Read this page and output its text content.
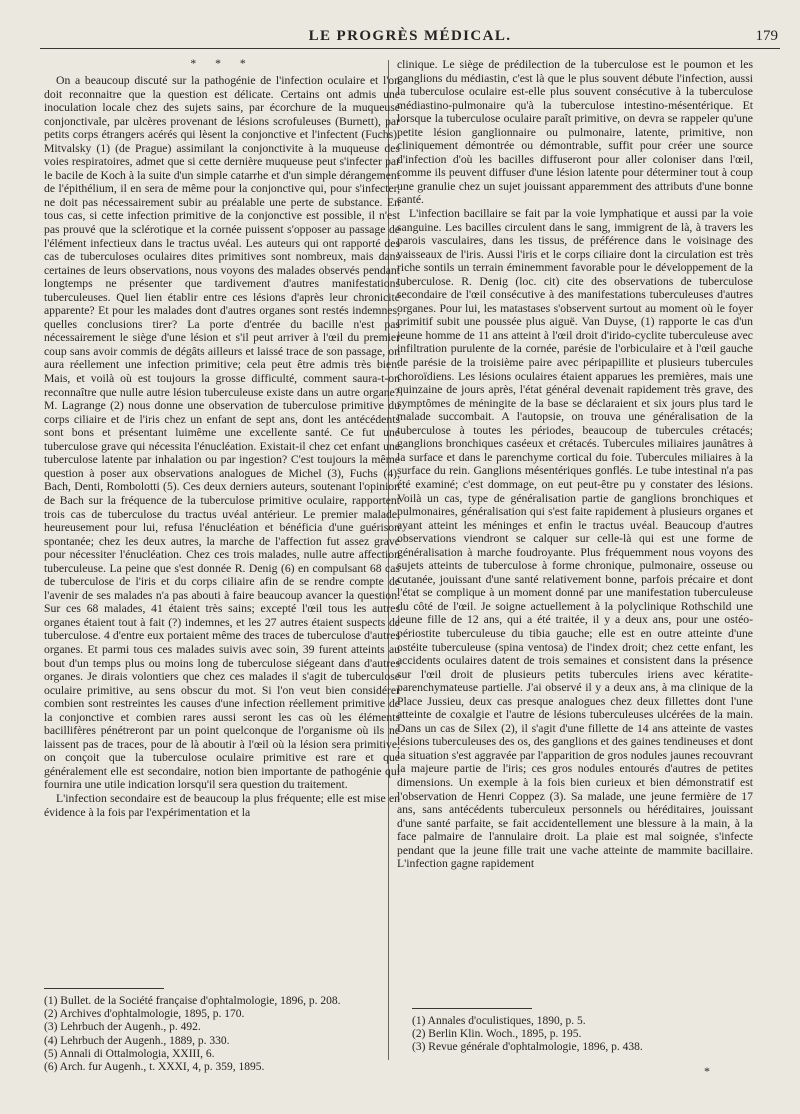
LE PROGRÈS MÉDICAL.	179

* * *

On a beaucoup discuté sur la pathogénie de l'infection oculaire et l'on doit reconnaitre que la question est délicate. Certains ont admis une inoculation locale chez des sujets sains, par écorchure de la muqueuse conjonctivale, par ulcères provenant de lésions scrofuleuses (Burnett), par petits corps étrangers acérés qui lèsent la conjonctive et l'infectent (Fuchs). Mitvalsky (1) (de Prague) assimilant la conjonctivite à la muqueuse des voies respiratoires, admet que si cette dernière muqueuse peut s'infecter par le bacile de Koch à la suite d'un simple catarrhe et d'un simple dérangement de l'épithélium, il en sera de même pour la conjonctive qui, pour s'infecter, ne doit pas nécessairement subir au préalable une perte de substance. En tous cas, si cette infection primitive de la conjonctive est possible, il n'est pas prouvé que la sclérotique et la cornée puissent s'opposer au passage de l'élément infectieux dans le tractus uvéal. Les auteurs qui ont rapporté des cas de tuberculoses oculaires dites primitives sont nombreux, mais dans certaines de leurs observations, nous voyons des malades observés pendant longtemps ne présenter que tardivement d'autres manifestations tuberculeuses. Quel lien établir entre ces lésions d'après leur chronicité apparente? Et pour les malades dont d'autres organes sont restés indemnes, quelles conclusions tirer? La porte d'entrée du bacille n'est pas nécessairement le siège d'une lésion et s'il peut arriver à l'œil du premier coup sans avoir commis de dégâts ailleurs et laissé trace de son passage, on aura réellement une infection primitive; cela peut être admis très bien. Mais, et voilà où est toujours la grosse difficulté, comment saura-t-on reconnaître que nulle autre lésion tuberculeuse existe dans un autre organe? M. Lagrange (2) nous donne une observation de tuberculose primitive du corps ciliaire et de l'iris chez un enfant de sept ans, dont les antécédents sont bons et présentant luimême une excellente santé. Ce fut une tuberculose grave qui nécessita l'énucléation. Existait-il chez cet enfant une tuberculose latente par inhalation ou par ingestion? C'est toujours la même question à poser aux observations analogues de Michel (3), Fuchs (4), Bach, Denti, Rombolotti (5). Ces deux derniers auteurs, soutenant l'opinion de Bach sur la fréquence de la tuberculose primitive oculaire, rapportent trois cas de tuberculose du tractus uvéal antérieur. Le premier malade, heureusement pour lui, refusa l'énucléation et bénéficia d'une guérison spontanée; chez les deux autres, la marche de l'affection fut assez grave pour nécessiter l'énucléation. Chez ces trois malades, nulle autre affection tuberculeuse. La peine que s'est donnée R. Denig (6) en compulsant 68 cas de tuberculose de l'iris et du corps ciliaire afin de se rendre compte de l'avenir de ses malades n'a pas abouti à faire beaucoup avancer la question. Sur ces 68 malades, 41 étaient très sains; excepté l'œil tous les autres organes étaient tout à fait (?) indemnes, et les 27 autres étaient suspects de tuberculose. 4 d'entre eux portaient même des traces de tuberculose d'autres organes. Et parmi tous ces malades suivis avec soin, 39 furent atteints au bout d'un temps plus ou moins long de tuberculose siégeant dans d'autres organes. Je dirais volontiers que chez ces malades il s'agit de tuberculose oculaire primitive, au sens obscur du mot. Si l'on veut bien considérer combien sont restreintes les causes d'une infection réellement primitive de la conjonctive et combien rares aussi seront les cas où les éléments bacillifères pénétreront par un point quelconque de l'organisme où ils ne laissent pas de traces, pour de là aboutir à l'œil où la lésion sera primitive, on conçoit que la tuberculose oculaire primitive est rare et que généralement elle est secondaire, notion bien importante de pathogénie qui fournira une utile indication lorsqu'il sera question du traitement.

L'infection secondaire est de beaucoup la plus fréquente; elle est mise en évidence à la fois par l'expérimentation et la

clinique. Le siège de prédilection de la tuberculose est le poumon et les ganglions du médiastin, c'est là que le plus souvent débute l'infection, aussi la tuberculose oculaire est-elle plus souvent consécutive à la tuberculose médiastino-pulmonaire qu'à la tuberculose intestino-mésentérique. Et lorsque la tuberculose oculaire paraît primitive, on devra se rappeler qu'une petite lésion ganglionnaire ou pulmonaire, latente, primitive, non cliniquement démontrée ou démontrable, suffit pour créer une source d'infection d'où les bacilles diffuseront pour aller coloniser dans l'œil, comme ils peuvent diffuser d'une lésion latente pour déterminer tout à coup une granulie chez un sujet jouissant apparemment des attributs d'une bonne santé.

L'infection bacillaire se fait par la voie lymphatique et aussi par la voie sanguine. Les bacilles circulent dans le sang, immigrent de là, à travers les parois vasculaires, dans les tissus, de préférence dans le voisinage des vaisseaux de l'iris. Aussi l'iris et le corps ciliaire dont la circulation est très riche sontils un terrain éminemment favorable pour le développement de la tuberculose. R. Denig (loc. cit) cite des observations de tuberculose secondaire de l'œil consécutive à des manifestations tuberculeuses d'autres organes. Pour lui, les matastases s'observent surtout au moment où le foyer primitif subit une poussée plus aiguë. Van Duyse, (1) rapporte le cas d'un jeune homme de 11 ans atteint à l'œil droit d'irido-cyclite tuberculeuse avec infiltration purulente de la cornée, parésie de l'orbiculaire et à l'œil gauche de parésie de la troisième paire avec péripapillite et plusieurs tubercules choroïdiens. Les lésions oculaires étaient apparues les premières, mais une quinzaine de jours après, l'état général devenait rapidement très grave, des symptômes de méningite de la base se déclaraient et six jours plus tard le malade succombait. A l'autopsie, on trouva une généralisation de la tuberculose à toutes les périodes, beaucoup de tubercules crétacés; ganglions bronchiques caséeux et crétacés. Tubercules miliaires jaunâtres à la surface et dans le parenchyme cortical du foie. Tubercules miliaires à la surface du rein. Ganglions mésentériques gonflés. Le tube intestinal n'a pas été examiné; c'est dommage, on eut peut-être pu y constater des lésions. Voilà un cas, type de généralisation partie de ganglions bronchiques et pulmonaires, généralisation qui s'est faite rapidement à plusieurs organes et ayant atteint les méninges et enfin le tractus uvéal. Beaucoup d'autres observations viendront se calquer sur celle-là qui est une forme de généralisation à marche foudroyante. Plus fréquemment nous voyons des sujets atteints de tuberculose à forme chronique, pulmonaire, osseuse ou cutanée, jouissant d'une santé relativement bonne, parfois précaire et dont l'état se complique à un moment donné par une manifestation tuberculeuse du côté de l'œil. Je soigne actuellement à la polyclinique Rothschild une jeune fille de 12 ans, qui a été traitée, il y a deux ans, pour une ostéo-périostite tuberculeuse du tibia gauche; elle est en outre atteinte d'une ostéite tuberculeuse (spina ventosa) de l'index droit; chez cette enfant, les accidents oculaires datent de trois semaines et consistent dans la présence sur l'œil droit de plusieurs petits tubercules iriens avec kératite-parenchymateuse partielle. J'ai observé il y a deux ans, à ma clinique de la Place Jussieu, deux cas presque analogues chez deux fillettes dont l'une atteinte de coxalgie et l'autre de lésions tuberculeuses ulcérées de la main. Dans un cas de Silex (2), il s'agit d'une fillette de 14 ans atteinte de vastes lésions tuberculeuses des os, des ganglions et des gaines tendineuses et dont la situation s'est aggravée par l'apparition de gros nodules jaunes recouvrant la majeure partie de l'iris; ces gros nodules entourés d'autres de petites dimensions. Un exemple à la fois bien curieux et bien démonstratif est l'observation de Henri Coppez (3). Sa malade, une jeune fermière de 17 ans, sans antécédents tuberculeux personnels ou héréditaires, jouissant d'une santé parfaite, se fait accidentellement une blessure à la main, à la face palmaire de l'annulaire droit. La plaie est mal soignée, s'infecte pendant que la jeune fille trait une vache atteinte de mammite bacillaire. L'infection gagne rapidement

(1) Bullet. de la Société française d'ophtalmologie, 1896, p. 208.
(2) Archives d'ophtalmologie, 1895, p. 170.
(3) Lehrbuch der Augenh., p. 492.
(4) Lehrbuch der Augenh., 1889, p. 330.
(5) Annali di Ottalmologia, XXIII, 6.
(6) Arch. fur Augenh., t. XXXI, 4, p. 359, 1895.
(1) Annales d'oculistiques, 1890, p. 5.
(2) Berlin Klin. Woch., 1895, p. 195.
(3) Revue générale d'ophtalmologie, 1896, p. 438.
*
